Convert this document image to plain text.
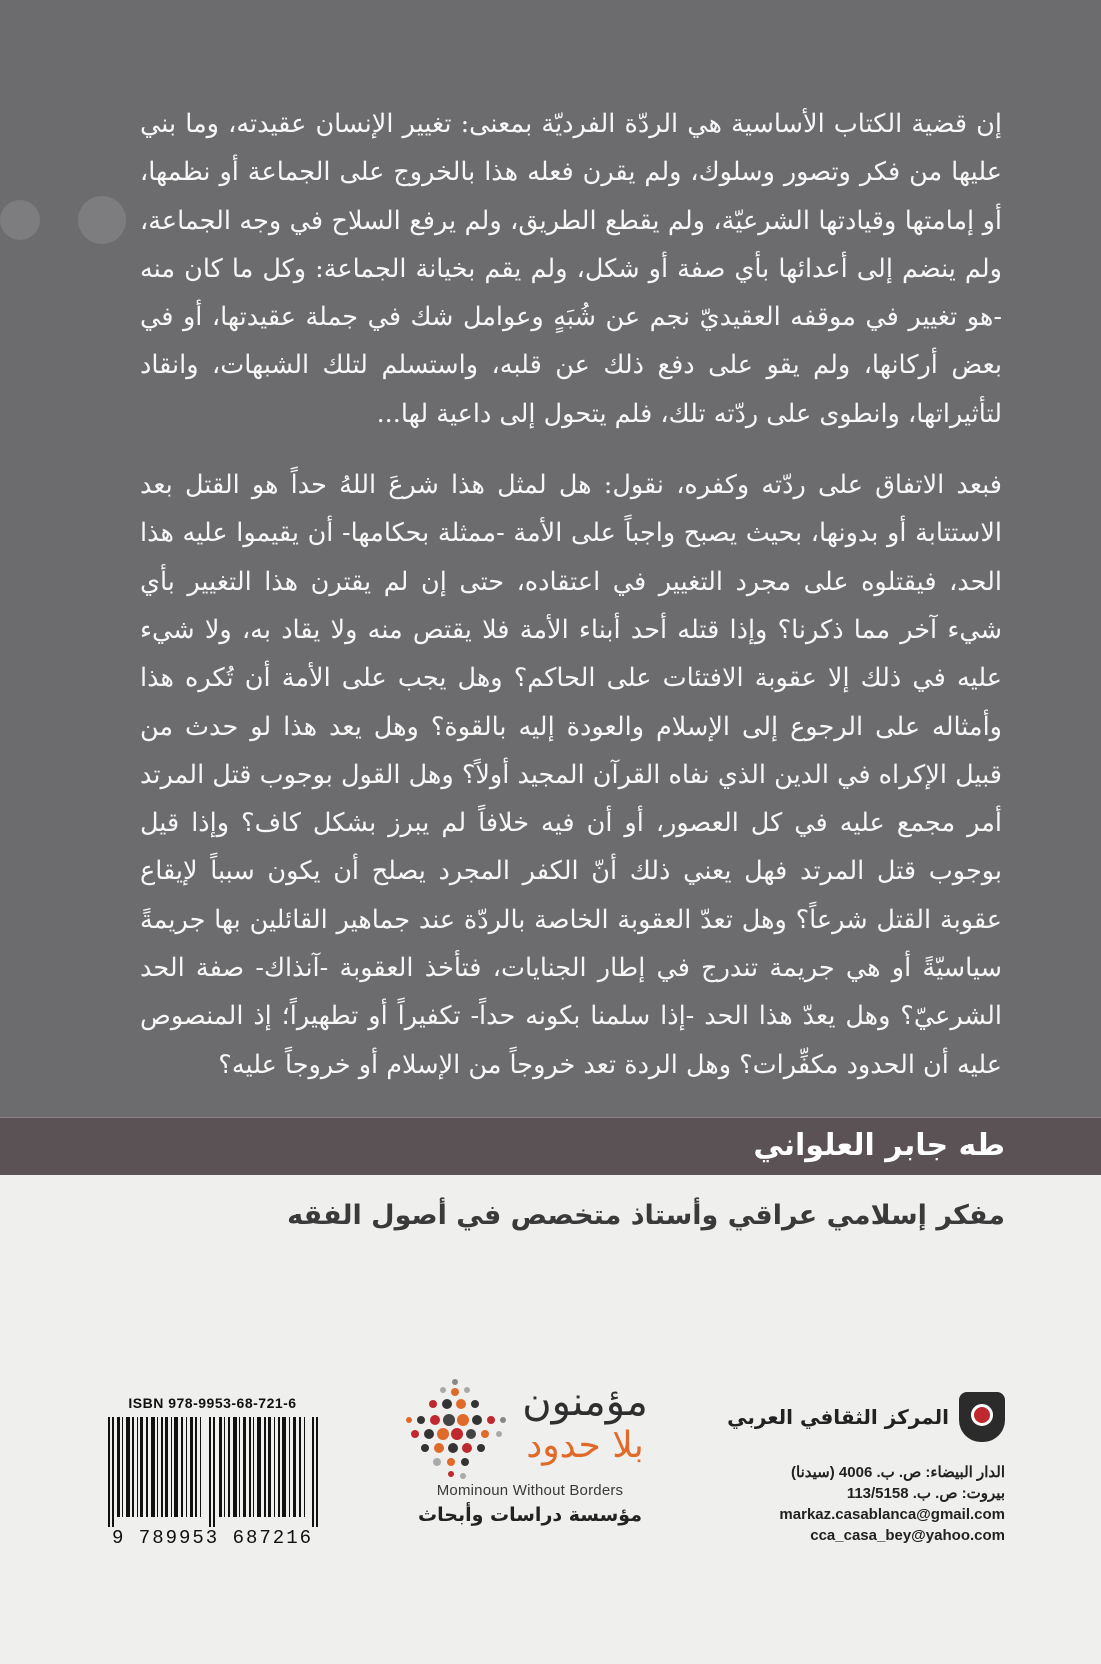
إن قضية الكتاب الأساسية هي الردّة الفرديّة بمعنى: تغيير الإنسان عقيدته، وما بني عليها من فكر وتصور وسلوك، ولم يقرن فعله هذا بالخروج على الجماعة أو نظمها، أو إمامتها وقيادتها الشرعيّة، ولم يقطع الطريق، ولم يرفع السلاح في وجه الجماعة، ولم ينضم إلى أعدائها بأي صفة أو شكل، ولم يقم بخيانة الجماعة: وكل ما كان منه -هو تغيير في موقفه العقيديّ نجم عن شُبَهٍ وعوامل شك في جملة عقيدتها، أو في بعض أركانها، ولم يقو على دفع ذلك عن قلبه، واستسلم لتلك الشبهات، وانقاد لتأثيراتها، وانطوى على ردّته تلك، فلم يتحول إلى داعية لها...

فبعد الاتفاق على ردّته وكفره، نقول: هل لمثل هذا شرعَ اللهُ حداً هو القتل بعد الاستتابة أو بدونها، بحيث يصبح واجباً على الأمة -ممثلة بحكامها- أن يقيموا عليه هذا الحد، فيقتلوه على مجرد التغيير في اعتقاده، حتى إن لم يقترن هذا التغيير بأي شيء آخر مما ذكرنا؟ وإذا قتله أحد أبناء الأمة فلا يقتص منه ولا يقاد به، ولا شيء عليه في ذلك إلا عقوبة الافتئات على الحاكم؟ وهل يجب على الأمة أن تُكره هذا وأمثاله على الرجوع إلى الإسلام والعودة إليه بالقوة؟ وهل يعد هذا لو حدث من قبيل الإكراه في الدين الذي نفاه القرآن المجيد أولاً؟ وهل القول بوجوب قتل المرتد أمر مجمع عليه في كل العصور، أو أن فيه خلافاً لم يبرز بشكل كاف؟ وإذا قيل بوجوب قتل المرتد فهل يعني ذلك أنّ الكفر المجرد يصلح أن يكون سبباً لإيقاع عقوبة القتل شرعاً؟ وهل تعدّ العقوبة الخاصة بالردّة عند جماهير القائلين بها جريمةً سياسيّةً أو هي جريمة تندرج في إطار الجنايات، فتأخذ العقوبة -آنذاك- صفة الحد الشرعيّ؟ وهل يعدّ هذا الحد -إذا سلمنا بكونه حداً- تكفيراً أو تطهيراً؛ إذ المنصوص عليه أن الحدود مكفِّرات؟ وهل الردة تعد خروجاً من الإسلام أو خروجاً عليه؟

طه جابر العلواني
مفكر إسلامي عراقي وأستاذ متخصص في أصول الفقه
المركز الثقافي العربي
الدار البيضاء: ص. ب. 4006 (سيدنا)
بيروت: ص. ب. 113/5158
markaz.casablanca@gmail.com
cca_casa_bey@yahoo.com
مؤمنون
بلا حدود
Mominoun Without Borders
مؤسسة دراسات وأبحاث
ISBN 978-9953-68-721-6
9 789953 687216
